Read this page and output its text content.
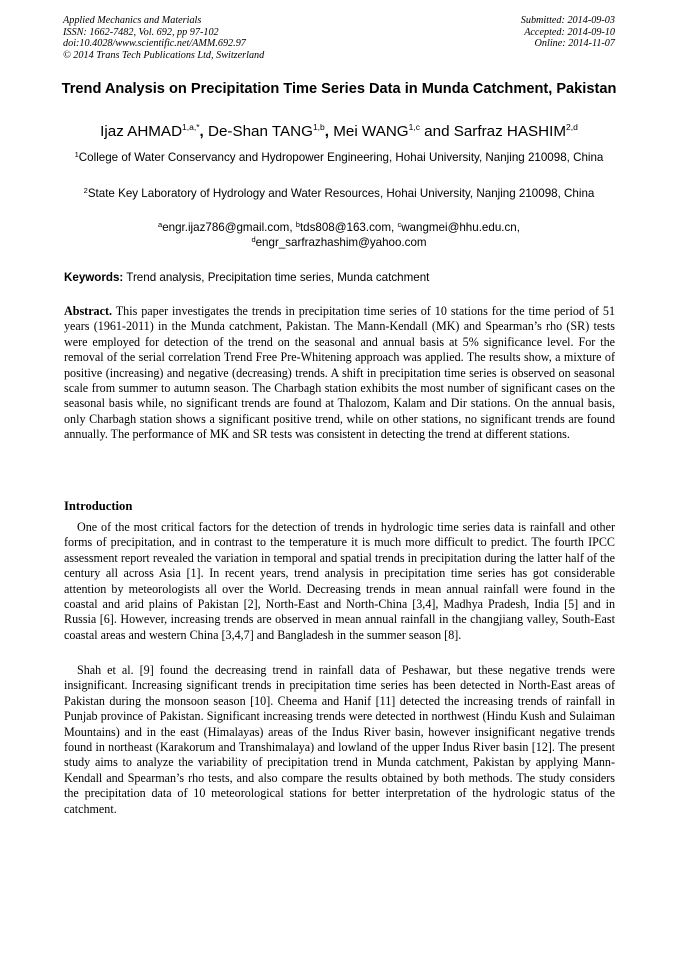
Applied Mechanics and Materials
ISSN: 1662-7482, Vol. 692, pp 97-102
doi:10.4028/www.scientific.net/AMM.692.97
© 2014 Trans Tech Publications Ltd, Switzerland
Submitted: 2014-09-03
Accepted: 2014-09-10
Online: 2014-11-07
Trend Analysis on Precipitation Time Series Data in Munda Catchment, Pakistan
Ijaz $AHMAD^{1,a,*}$, De-Shan TANG$^{1,b}$, Mei WANG$^{1,c}$ and Sarfraz HASHIM$^{2,d}$
$^1$College of Water Conservancy and Hydropower Engineering, Hohai University, Nanjing 210098, China
$^2$State Key Laboratory of Hydrology and Water Resources, Hohai University, Nanjing 210098, China
$^a$engr.ijaz786@gmail.com, $^b$tds808@163.com, $^c$wangmei@hhu.edu.cn,
$^d$engr_sarfrazhashim@yahoo.com
Keywords: Trend analysis, Precipitation time series, Munda catchment
Abstract. This paper investigates the trends in precipitation time series of 10 stations for the time period of 51 years (1961-2011) in the Munda catchment, Pakistan. The Mann-Kendall (MK) and Spearman’s rho (SR) tests were employed for detection of the trend on the seasonal and annual basis at 5% significance level. For the removal of the serial correlation Trend Free Pre-Whitening approach was applied. The results show, a mixture of positive (increasing) and negative (decreasing) trends. A shift in precipitation time series is observed on seasonal scale from summer to autumn season. The Charbagh station exhibits the most number of significant cases on the seasonal basis while, no significant trends are found at Thalozom, Kalam and Dir stations. On the annual basis, only Charbagh station shows a significant positive trend, while on other stations, no significant trends are found annually. The performance of MK and SR tests was consistent in detecting the trend at different stations.
Introduction

One of the most critical factors for the detection of trends in hydrologic time series data is rainfall and other forms of precipitation, and in contrast to the temperature it is much more difficult to predict. The fourth IPCC assessment report revealed the variation in temporal and spatial trends in precipitation during the latter half of the century all across Asia [1]. In recent years, trend analysis in precipitation time series has got considerable attention by meteorologists all over the World. Decreasing trends in mean annual rainfall were found in the coastal and arid plains of Pakistan [2], North-East and North-China [3,4], Madhya Pradesh, India [5] and in Russia [6]. However, increasing trends are observed in mean annual rainfall in the changjiang valley, South-East coastal areas and western China [3,4,7] and Bangladesh in the summer season [8].

Shah et al. [9] found the decreasing trend in rainfall data of Peshawar, but these negative trends were insignificant. Increasing significant trends in precipitation time series has been detected in North-East areas of Pakistan during the monsoon season [10]. Cheema and Hanif [11] detected the increasing trends of rainfall in Punjab province of Pakistan. Significant increasing trends were detected in northwest (Hindu Kush and Sulaiman Mountains) and in the east (Himalayas) areas of the Indus River basin, however insignificant negative trends found in northeast (Karakorum and Transhimalaya) and lowland of the upper Indus River basin [12]. The present study aims to analyze the variability of precipitation trend in Munda catchment, Pakistan by applying Mann-Kendall and Spearman’s rho tests, and also compare the results obtained by both methods. The study considers the precipitation data of 10 meteorological stations for better interpretation of the hydrologic status of the catchment.
